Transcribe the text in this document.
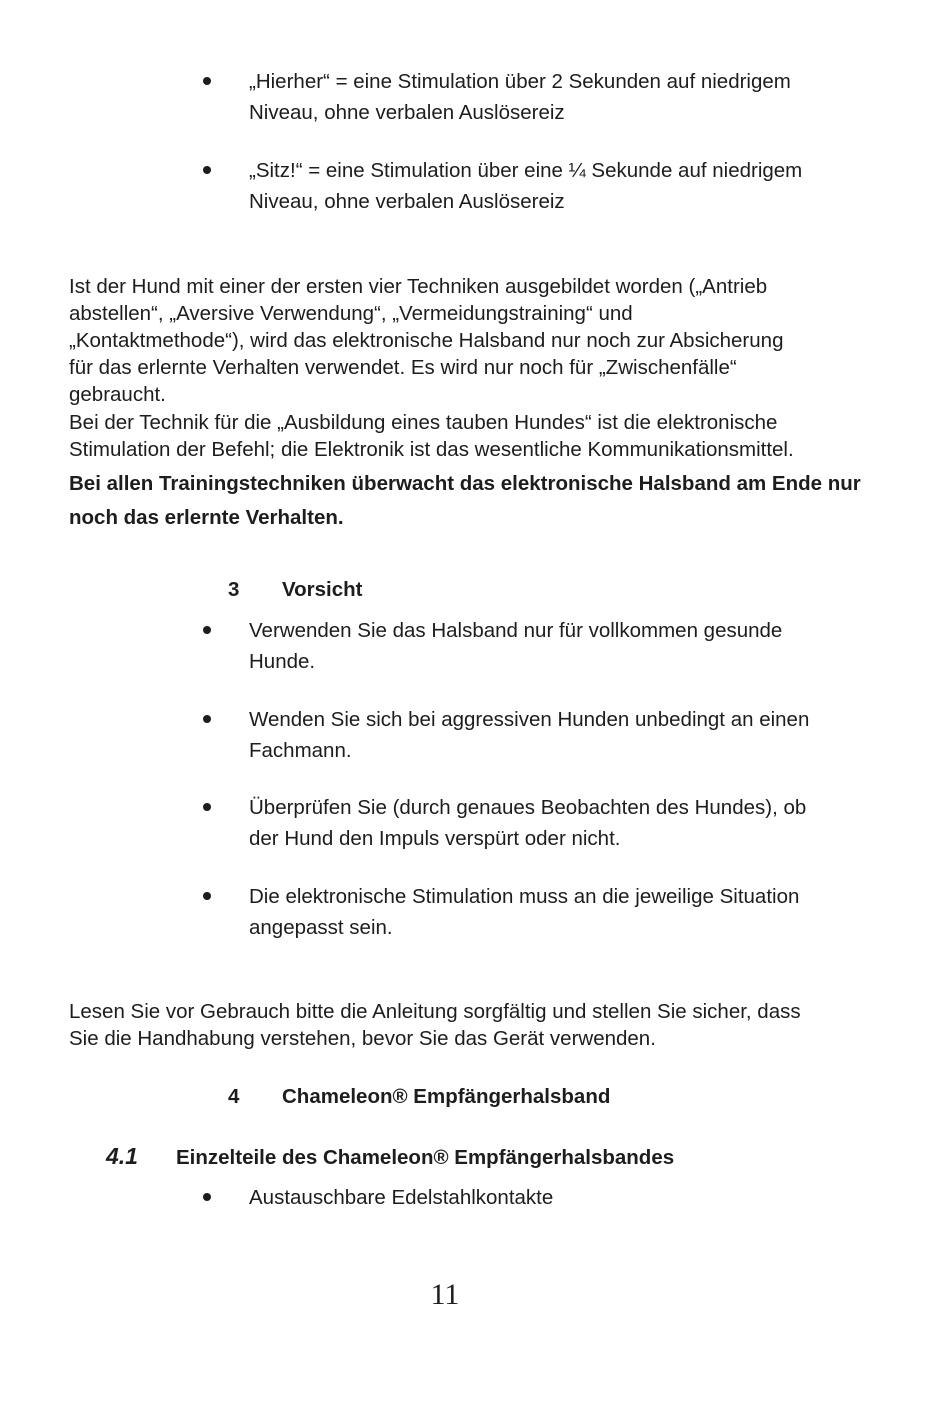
„Hierher“ = eine Stimulation über 2 Sekunden auf niedrigem
Niveau, ohne verbalen Auslösereiz
„Sitz!“ = eine Stimulation über eine ¼ Sekunde auf niedrigem
Niveau, ohne verbalen Auslösereiz
Ist der Hund mit einer der ersten vier Techniken ausgebildet worden („Antrieb
abstellen“, „Aversive Verwendung“, „Vermeidungstraining“ und
„Kontaktmethode“), wird das elektronische Halsband nur noch zur Absicherung
für das erlernte Verhalten verwendet. Es wird nur noch für „Zwischenfälle“
gebraucht.
Bei der Technik für die „Ausbildung eines tauben Hundes“ ist die elektronische
Stimulation der Befehl; die Elektronik ist das wesentliche Kommunikationsmittel.
Bei allen Trainingstechniken überwacht das elektronische Halsband am Ende nur
noch das erlernte Verhalten.
3 Vorsicht
Verwenden Sie das Halsband nur für vollkommen gesunde
Hunde.
Wenden Sie sich bei aggressiven Hunden unbedingt an einen
Fachmann.
Überprüfen Sie (durch genaues Beobachten des Hundes), ob
der Hund den Impuls verspürt oder nicht.
Die elektronische Stimulation muss an die jeweilige Situation
angepasst sein.
Lesen Sie vor Gebrauch bitte die Anleitung sorgfältig und stellen Sie sicher, dass
Sie die Handhabung verstehen, bevor Sie das Gerät verwenden.
4 Chameleon® Empfängerhalsband
4.1 Einzelteile des Chameleon® Empfängerhalsbandes
Austauschbare Edelstahlkontakte
11
